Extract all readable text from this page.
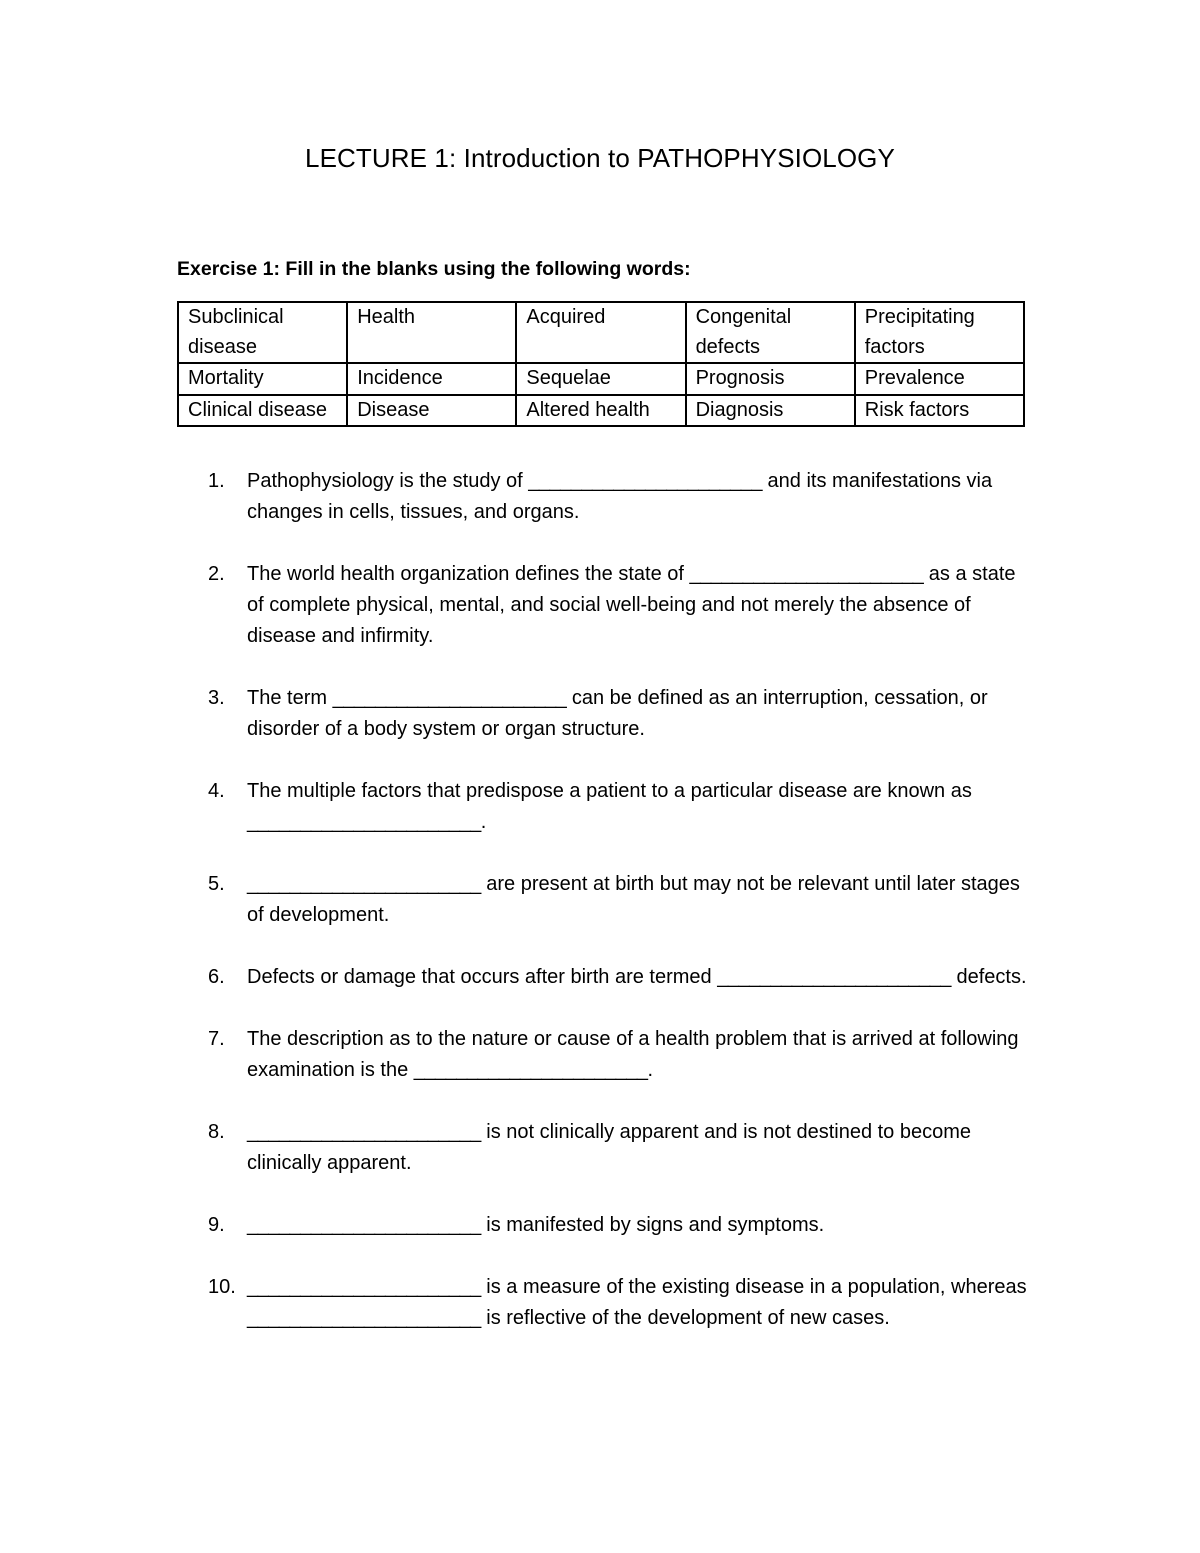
LECTURE 1: Introduction to PATHOPHYSIOLOGY
Exercise 1: Fill in the blanks using the following words:
Subclinical disease	Health	Acquired	Congenital defects	Precipitating factors
Mortality	Incidence	Sequelae	Prognosis	Prevalence
Clinical disease	Disease	Altered health	Diagnosis	Risk factors
1. Pathophysiology is the study of ______________________ and its manifestations via changes in cells, tissues, and organs.
2. The world health organization defines the state of ______________________ as a state of complete physical, mental, and social well-being and not merely the absence of disease and infirmity.
3. The term ______________________ can be defined as an interruption, cessation, or disorder of a body system or organ structure.
4. The multiple factors that predispose a patient to a particular disease are known as ______________________.
5. ______________________ are present at birth but may not be relevant until later stages of development.
6. Defects or damage that occurs after birth are termed ______________________ defects.
7. The description as to the nature or cause of a health problem that is arrived at following examination is the ______________________.
8. ______________________ is not clinically apparent and is not destined to become clinically apparent.
9. ______________________ is manifested by signs and symptoms.
10. ______________________ is a measure of the existing disease in a population, whereas ______________________ is reflective of the development of new cases.
